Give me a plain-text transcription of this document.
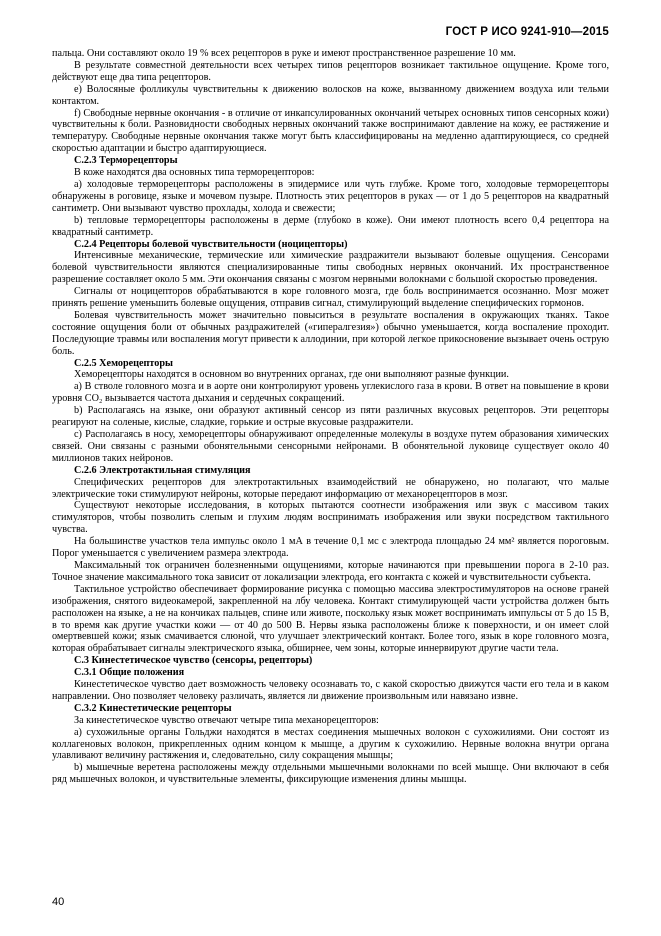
ГОСТ Р ИСО 9241-910—2015

пальца. Они составляют около 19 % всех рецепторов в руке и имеют пространственное разрешение 10 мм.

В результате совместной деятельности всех четырех типов рецепторов возникает тактильное ощущение. Кроме того, действуют еще два типа рецепторов.

е) Волосяные фолликулы чувствительны к движению волосков на коже, вызванному движением воздуха или тельми контактом.

f) Свободные нервные окончания - в отличие от инкапсулированных окончаний четырех основных типов сенсорных кожи) чувствительны к боли. Разновидности свободных нервных окончаний также воспринимают давление на кожу, ее растяжение и температуру. Свободные нервные окончания также могут быть классифицированы на медленно адаптирующиеся, со средней скоростью адаптации и быстро адаптирующиеся.

С.2.3 Терморецепторы

В коже находятся два основных типа терморецепторов:

а) холодовые терморецепторы расположены в эпидермисе или чуть глубже. Кроме того, холодовые терморецепторы обнаружены в роговице, языке и мочевом пузыре. Плотность этих рецепторов в руках — от 1 до 5 рецепторов на квадратный сантиметр. Они вызывают чувство прохлады, холода и свежести;

b) тепловые терморецепторы расположены в дерме (глубоко в коже). Они имеют плотность всего 0,4 рецептора на квадратный сантиметр.

С.2.4 Рецепторы болевой чувствительности (ноцицепторы)

Интенсивные механические, термические или химические раздражители вызывают болевые ощущения. Сенсорами болевой чувствительности являются специализированные типы свободных нервных окончаний. Их пространственное разрешение составляет около 5 мм. Эти окончания связаны с мозгом нервными волокнами с большой скоростью проведения.

Сигналы от ноцицепторов обрабатываются в коре головного мозга, где боль воспринимается осознанно. Мозг может принять решение уменьшить болевые ощущения, отправив сигнал, стимулирующий выделение специфических гормонов.

Болевая чувствительность может значительно повыситься в результате воспаления в окружающих тканях. Такое состояние ощущения боли от обычных раздражителей («гипералгезия») обычно уменьшается, когда воспаление проходит. Последующие травмы или воспаления могут привести к аллодинии, при которой легкое прикосновение вызывает очень острую боль.

С.2.5 Хеморецепторы

Хеморецепторы находятся в основном во внутренних органах, где они выполняют разные функции.

а) В стволе головного мозга и в аорте они контролируют уровень углекислого газа в крови. В ответ на повышение в крови уровня CO₂ вызывается частота дыхания и сердечных сокращений.

b) Располагаясь на языке, они образуют активный сенсор из пяти различных вкусовых рецепторов. Эти рецепторы реагируют на соленые, кислые, сладкие, горькие и острые вкусовые раздражители.

с) Располагаясь в носу, хеморецепторы обнаруживают определенные молекулы в воздухе путем образования химических связей. Они связаны с разными обонятельными сенсорными нейронами. В обонятельной луковице существует около 40 миллионов таких нейронов.

С.2.6 Электротактильная стимуляция

Специфических рецепторов для электротактильных взаимодействий не обнаружено, но полагают, что малые электрические токи стимулируют нейроны, которые передают информацию от механорецепторов в мозг.

Существуют некоторые исследования, в которых пытаются соотнести изображения или звук с массивом таких стимуляторов, чтобы позволить слепым и глухим людям воспринимать изображения или звуки посредством тактильного чувства.

На большинстве участков тела импульс около 1 мА в течение 0,1 мс с электрода площадью 24 мм² является пороговым. Порог уменьшается с увеличением размера электрода.

Максимальный ток ограничен болезненными ощущениями, которые начинаются при превышении порога в 2-10 раз. Точное значение максимального тока зависит от локализации электрода, его контакта с кожей и чувствительности субъекта.

Тактильное устройство обеспечивает формирование рисунка с помощью массива электростимуляторов на основе граней изображения, снятого видеокамерой, закрепленной на лбу человека. Контакт стимулирующей части устройства должен быть расположен на языке, а не на кончиках пальцев, спине или животе, поскольку язык может воспринимать импульсы от 5 до 15 В, в то время как другие участки кожи — от 40 до 500 В. Нервы языка расположены ближе к поверхности, и он имеет слой омертвевшей кожи; язык смачивается слюной, что улучшает электрический контакт. Более того, язык в коре головного мозга, которая обрабатывает сигналы электрического языка, обширнее, чем зоны, которые иннервируют другие части тела.

С.3 Кинестетическое чувство (сенсоры, рецепторы)

С.3.1 Общие положения

Кинестетическое чувство дает возможность человеку осознавать то, с какой скоростью движутся части его тела и в каком направлении. Оно позволяет человеку различать, является ли движение произвольным или навязано извне.

С.3.2 Кинестетические рецепторы

За кинестетическое чувство отвечают четыре типа механорецепторов:

а) сухожильные органы Гольджи находятся в местах соединения мышечных волокон с сухожилиями. Они состоят из коллагеновых волокон, прикрепленных одним концом к мышце, а другим к сухожилию. Нервные волокна внутри органа улавливают величину растяжения и, следовательно, силу сокращения мышцы;

b) мышечные веретена расположены между отдельными мышечными волокнами по всей мышце. Они включают в себя ряд мышечных волокон, и чувствительные элементы, фиксирующие изменения длины мышцы.

40
